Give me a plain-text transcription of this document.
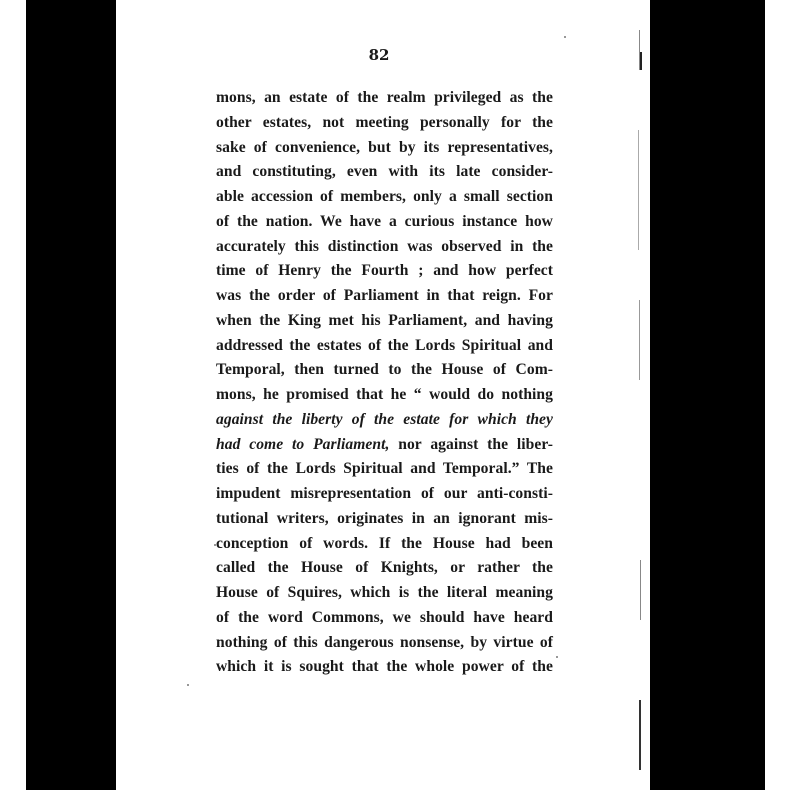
82
mons, an estate of the realm privileged as the
other estates, not meeting personally for the
sake of convenience, but by its representatives,
and constituting, even with its late consider-
able accession of members, only a small section
of the nation. We have a curious instance how
accurately this distinction was observed in the
time of Henry the Fourth ; and how perfect
was the order of Parliament in that reign. For
when the King met his Parliament, and having
addressed the estates of the Lords Spiritual and
Temporal, then turned to the House of Com-
mons, he promised that he “ would do nothing
against the liberty of the estate for which they
had come to Parliament, nor against the liber-
ties of the Lords Spiritual and Temporal.” The
impudent misrepresentation of our anti-consti-
tutional writers, originates in an ignorant mis-
conception of words. If the House had been
called the House of Knights, or rather the
House of Squires, which is the literal meaning
of the word Commons, we should have heard
nothing of this dangerous nonsense, by virtue of
which it is sought that the whole power of the
